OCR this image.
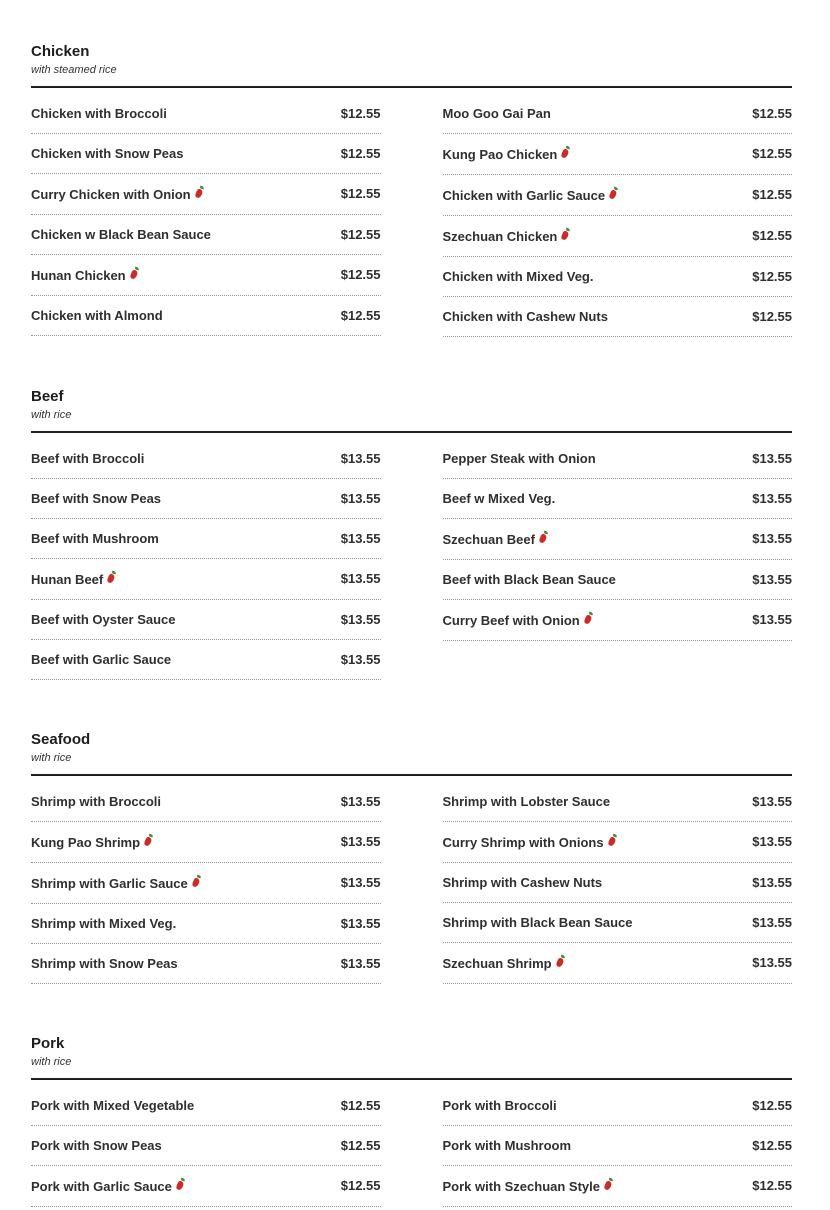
Chicken
with steamed rice
Chicken with Broccoli	$12.55
Chicken with Snow Peas	$12.55
Curry Chicken with Onion	$12.55
Chicken w Black Bean Sauce	$12.55
Hunan Chicken	$12.55
Chicken with Almond	$12.55
Moo Goo Gai Pan	$12.55
Kung Pao Chicken	$12.55
Chicken with Garlic Sauce	$12.55
Szechuan Chicken	$12.55
Chicken with Mixed Veg.	$12.55
Chicken with Cashew Nuts	$12.55
Beef
with rice
Beef with Broccoli	$13.55
Beef with Snow Peas	$13.55
Beef with Mushroom	$13.55
Hunan Beef	$13.55
Beef with Oyster Sauce	$13.55
Beef with Garlic Sauce	$13.55
Pepper Steak with Onion	$13.55
Beef w Mixed Veg.	$13.55
Szechuan Beef	$13.55
Beef with Black Bean Sauce	$13.55
Curry Beef with Onion	$13.55
Seafood
with rice
Shrimp with Broccoli	$13.55
Kung Pao Shrimp	$13.55
Shrimp with Garlic Sauce	$13.55
Shrimp with Mixed Veg.	$13.55
Shrimp with Snow Peas	$13.55
Shrimp with Lobster Sauce	$13.55
Curry Shrimp with Onions	$13.55
Shrimp with Cashew Nuts	$13.55
Shrimp with Black Bean Sauce	$13.55
Szechuan Shrimp	$13.55
Pork
with rice
Pork with Mixed Vegetable	$12.55
Pork with Snow Peas	$12.55
Pork with Garlic Sauce	$12.55
Pork with Broccoli	$12.55
Pork with Mushroom	$12.55
Pork with Szechuan Style	$12.55
